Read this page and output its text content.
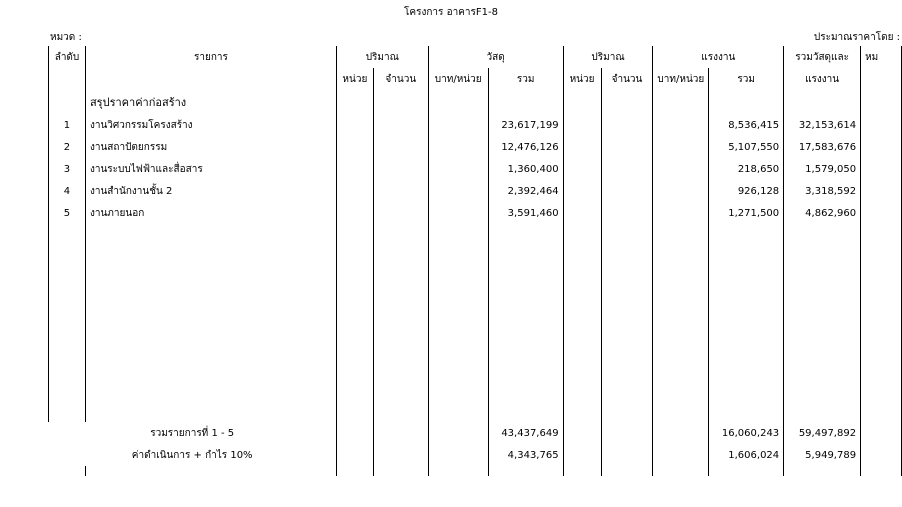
โครงการ อาคารF1-8
หมวด :	ประมาณราคาโดย :
ลำดับ	รายการ	ปริมาณ		วัสดุ		ปริมาณ		แรงงาน		รวมวัสดุและ	หม
		หน่วย	จำนวน	บาท/หน่วย	รวม	หน่วย	จำนวน	บาท/หน่วย	รวม	แรงงาน	
	สรุปราคาค่าก่อสร้าง										
1	งานวิศวกรรมโครงสร้าง				23,617,199				8,536,415	32,153,614	
2	งานสถาปัตยกรรม				12,476,126				5,107,550	17,583,676	
3	งานระบบไฟฟ้าและสื่อสาร				1,360,400				218,650	1,579,050	
4	งานสำนักงานชั้น 2				2,392,464				926,128	3,318,592	
5	งานภายนอก				3,591,460				1,271,500	4,862,960	

รวมรายการที่ 1 - 5					43,437,649				16,060,243	59,497,892	
ค่าดำเนินการ + กำไร 10%					4,343,765				1,606,024	5,949,789	
